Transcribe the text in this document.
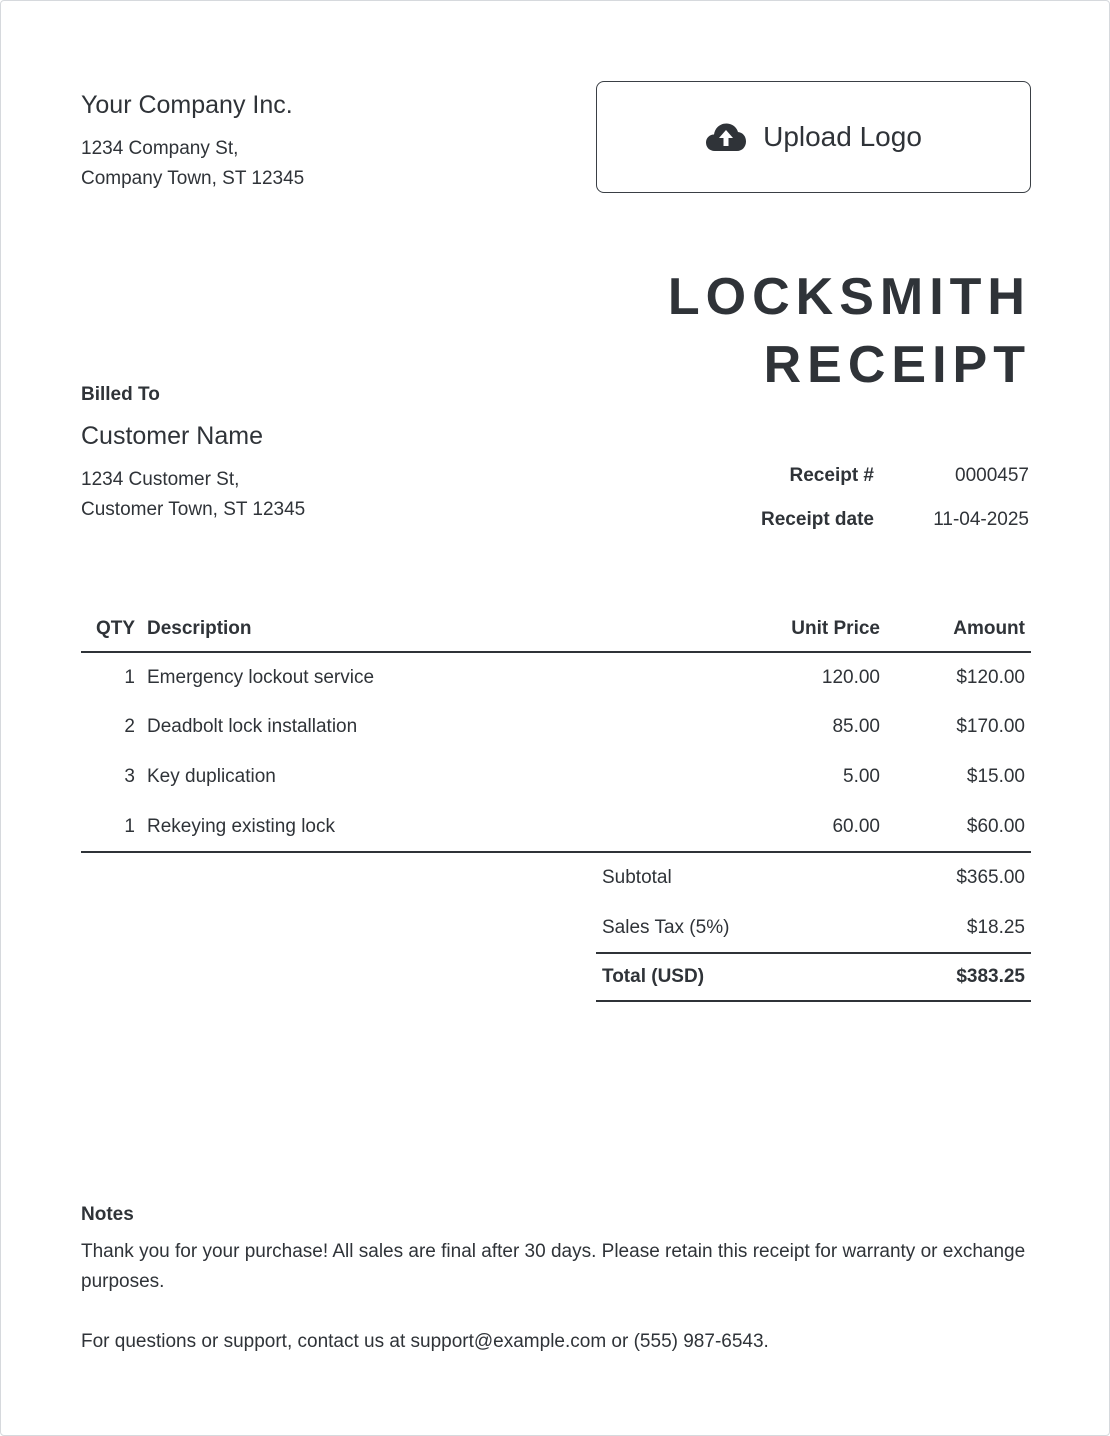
Your Company Inc.
1234 Company St,
Company Town, ST 12345
Upload Logo
LOCKSMITH
RECEIPT
Billed To
Customer Name
1234 Customer St,
Customer Town, ST 12345
Receipt #	0000457
Receipt date	11-04-2025
QTY	Description	Unit Price	Amount
1	Emergency lockout service	120.00	$120.00
2	Deadbolt lock installation	85.00	$170.00
3	Key duplication	5.00	$15.00
1	Rekeying existing lock	60.00	$60.00
Subtotal	$365.00
Sales Tax (5%)	$18.25
Total (USD)	$383.25
Notes
Thank you for your purchase! All sales are final after 30 days. Please retain this receipt for warranty or exchange purposes.
For questions or support, contact us at support@example.com or (555) 987-6543.
